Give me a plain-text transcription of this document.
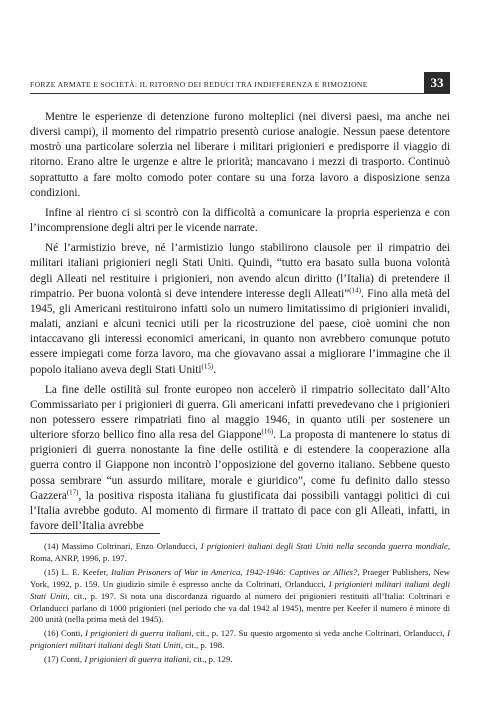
FORZE ARMATE E SOCIETÀ: IL RITORNO DEI REDUCI TRA INDIFFERENZA E RIMOZIONE	33

Mentre le esperienze di detenzione furono molteplici (nei diversi paesi, ma anche nei diversi campi), il momento del rimpatrio presentò curiose analogie. Nessun paese detentore mostrò una particolare solerzia nel liberare i militari prigionieri e predisporre il viaggio di ritorno. Erano altre le urgenze e altre le priorità; mancavano i mezzi di trasporto. Continuò soprattutto a fare molto comodo poter contare su una forza lavoro a disposizione senza condizioni.

Infine al rientro ci si scontrò con la difficoltà a comunicare la propria esperienza e con l’incomprensione degli altri per le vicende narrate.

Né l’armistizio breve, né l’armistizio lungo stabilirono clausole per il rimpatrio dei militari italiani prigionieri negli Stati Uniti. Quindi, “tutto era basato sulla buona volontà degli Alleati nel restituire i prigionieri, non avendo alcun diritto (l’Italia) di pretendere il rimpatrio. Per buona volontà si deve intendere interesse degli Alleati”$^{(14)}$. Fino alla metà del 1945, gli Americani restituirono infatti solo un numero limitatissimo di prigionieri invalidi, malati, anziani e alcuni tecnici utili per la ricostruzione del paese, cioè uomini che non intaccavano gli interessi economici americani, in quanto non avrebbero comunque potuto essere impiegati come forza lavoro, ma che giovavano assai a migliorare l’immagine che il popolo italiano aveva degli Stati Uniti$^{(15)}$.

La fine delle ostilità sul fronte europeo non accelerò il rimpatrio sollecitato dall’Alto Commissariato per i prigionieri di guerra. Gli americani infatti prevedevano che i prigionieri non potessero essere rimpatriati fino al maggio 1946, in quanto utili per sostenere un ulteriore sforzo bellico fino alla resa del Giappone$^{(16)}$. La proposta di mantenere lo status di prigionieri di guerra nonostante la fine delle ostilità e di estendere la cooperazione alla guerra contro il Giappone non incontrò l’opposizione del governo italiano. Sebbene questo possa sembrare “un assurdo militare, morale e giuridico”, come fu definito dallo stesso Gazzera$^{(17)}$, la positiva risposta italiana fu giustificata dai possibili vantaggi politici di cui l’Italia avrebbe goduto. Al momento di firmare il trattato di pace con gli Alleati, infatti, in favore dell’Italia avrebbe

(14) Massimo Coltrinari, Enzo Orlanducci, I prigionieri italiani degli Stati Uniti nella seconda guerra mondiale, Roma, ANRP, 1996, p. 197.

(15) L. E. Keefer, Italian Prisoners of War in America, 1942-1946: Captives or Allies?, Praeger Publishers, New York, 1992, p. 159. Un giudizio simile è espresso anche da Coltrinari, Orlanducci, I prigionieri militari italiani degli Stati Uniti, cit., p. 197. Si nota una discordanza riguardo al numero dei prigionieri restituiti all’Italia: Coltrinari e Orlanducci parlano di 1000 prigionieri (nel periodo che va dal 1942 al 1945), mentre per Keefer il numero è minore di 200 unità (nella prima metà del 1945).

(16) Conti, I prigionieri di guerra italiani, cit., p. 127. Su questo argomento si veda anche Coltrinari, Orlanducci, I prigionieri militari italiani degli Stati Uniti, cit., p. 198.

(17) Conti, I prigionieri di guerra italiani, cit., p. 129.
